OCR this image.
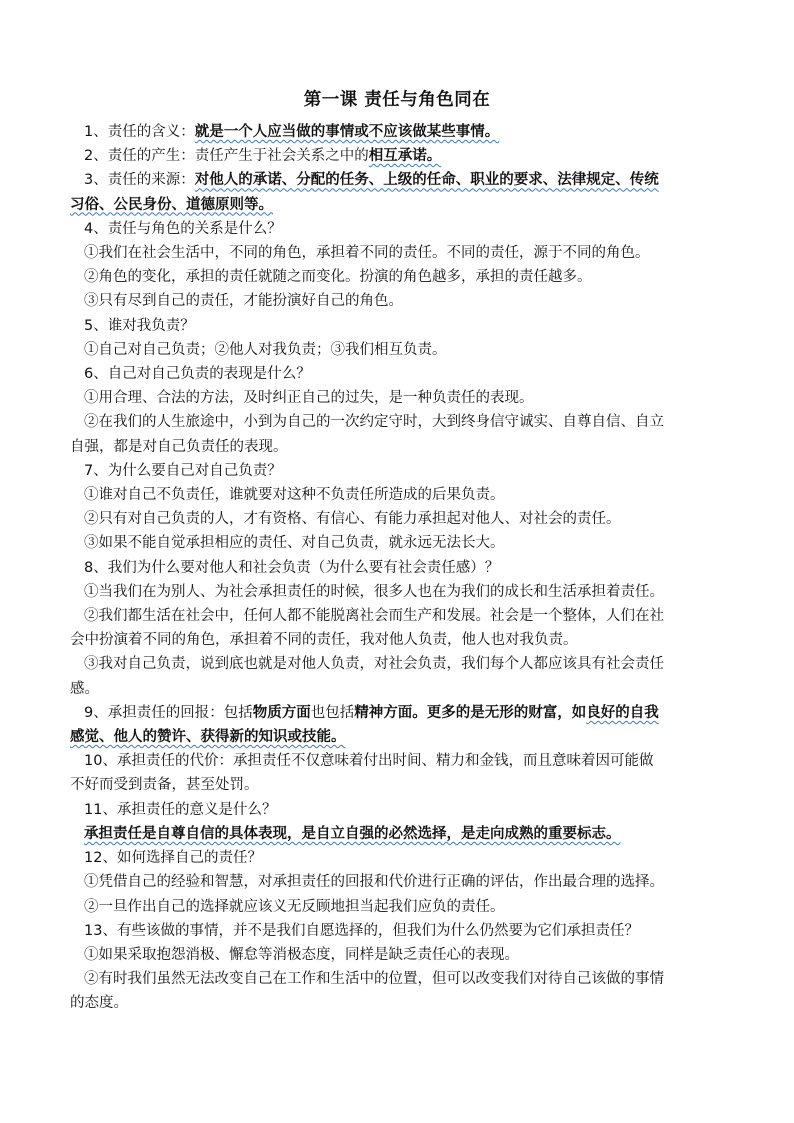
第一课 责任与角色同在

1、责任的含义：就是一个人应当做的事情或不应该做某些事情。

2、责任的产生：责任产生于社会关系之中的相互承诺。

3、责任的来源：对他人的承诺、分配的任务、上级的任命、职业的要求、法律规定、传统

习俗、公民身份、道德原则等。

4、责任与角色的关系是什么？

①我们在社会生活中，不同的角色，承担着不同的责任。不同的责任，源于不同的角色。

②角色的变化，承担的责任就随之而变化。扮演的角色越多，承担的责任越多。

③只有尽到自己的责任，才能扮演好自己的角色。

5、谁对我负责？

①自己对自己负责；②他人对我负责；③我们相互负责。

6、自己对自己负责的表现是什么？

①用合理、合法的方法，及时纠正自己的过失，是一种负责任的表现。

②在我们的人生旅途中，小到为自己的一次约定守时，大到终身信守诚实、自尊自信、自立

自强，都是对自己负责任的表现。

7、为什么要自己对自己负责？

①谁对自己不负责任，谁就要对这种不负责任所造成的后果负责。

②只有对自己负责的人，才有资格、有信心、有能力承担起对他人、对社会的责任。

③如果不能自觉承担相应的责任、对自己负责，就永远无法长大。

8、我们为什么要对他人和社会负责（为什么要有社会责任感）？

①当我们在为别人、为社会承担责任的时候，很多人也在为我们的成长和生活承担着责任。

②我们都生活在社会中，任何人都不能脱离社会而生产和发展。社会是一个整体，人们在社

会中扮演着不同的角色，承担着不同的责任，我对他人负责，他人也对我负责。

③我对自己负责，说到底也就是对他人负责，对社会负责，我们每个人都应该具有社会责任

感。

9、承担责任的回报：包括物质方面也包括精神方面。更多的是无形的财富，如良好的自我

感觉、他人的赞许、获得新的知识或技能。

10、承担责任的代价：承担责任不仅意味着付出时间、精力和金钱，而且意味着因可能做

不好而受到责备，甚至处罚。

11、承担责任的意义是什么？

承担责任是自尊自信的具体表现，是自立自强的必然选择，是走向成熟的重要标志。

12、如何选择自己的责任？

①凭借自己的经验和智慧，对承担责任的回报和代价进行正确的评估，作出最合理的选择。

②一旦作出自己的选择就应该义无反顾地担当起我们应负的责任。

13、有些该做的事情，并不是我们自愿选择的，但我们为什么仍然要为它们承担责任？

①如果采取抱怨消极、懈怠等消极态度，同样是缺乏责任心的表现。

②有时我们虽然无法改变自己在工作和生活中的位置，但可以改变我们对待自己该做的事情

的态度。
